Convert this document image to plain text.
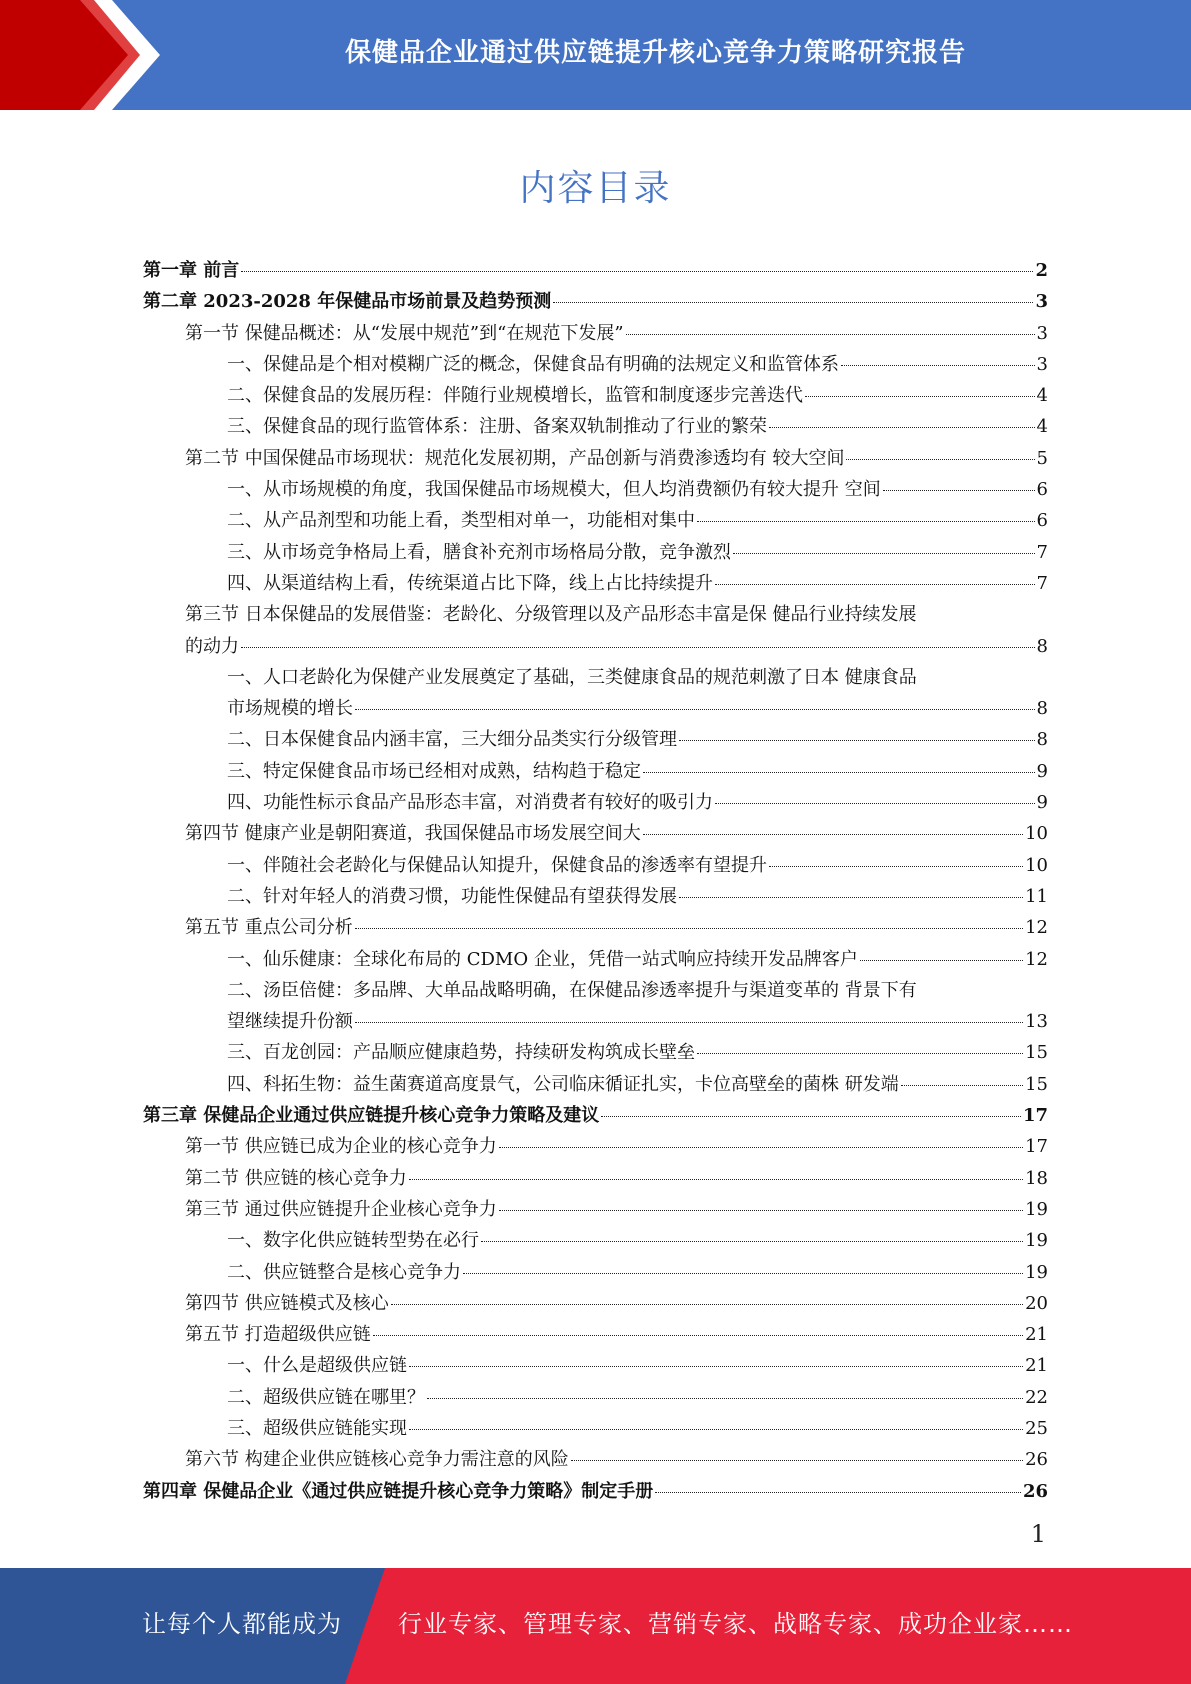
保健品企业通过供应链提升核心竞争力策略研究报告
内容目录
第一章 前言	2
第二章 2023-2028 年保健品市场前景及趋势预测	3
第一节 保健品概述：从“发展中规范”到“在规范下发展”	3
一、保健品是个相对模糊广泛的概念，保健食品有明确的法规定义和监管体系	3
二、保健食品的发展历程：伴随行业规模增长，监管和制度逐步完善迭代	4
三、保健食品的现行监管体系：注册、备案双轨制推动了行业的繁荣	4
第二节 中国保健品市场现状：规范化发展初期，产品创新与消费渗透均有 较大空间	5
一、从市场规模的角度，我国保健品市场规模大，但人均消费额仍有较大提升 空间	6
二、从产品剂型和功能上看，类型相对单一，功能相对集中	6
三、从市场竞争格局上看，膳食补充剂市场格局分散，竞争激烈	7
四、从渠道结构上看，传统渠道占比下降，线上占比持续提升	7
第三节 日本保健品的发展借鉴：老龄化、分级管理以及产品形态丰富是保 健品行业持续发展
的动力	8
一、人口老龄化为保健产业发展奠定了基础，三类健康食品的规范刺激了日本 健康食品
市场规模的增长	8
二、日本保健食品内涵丰富，三大细分品类实行分级管理	8
三、特定保健食品市场已经相对成熟，结构趋于稳定	9
四、功能性标示食品产品形态丰富，对消费者有较好的吸引力	9
第四节 健康产业是朝阳赛道，我国保健品市场发展空间大	10
一、伴随社会老龄化与保健品认知提升，保健食品的渗透率有望提升	10
二、针对年轻人的消费习惯，功能性保健品有望获得发展	11
第五节 重点公司分析	12
一、仙乐健康：全球化布局的 CDMO 企业，凭借一站式响应持续开发品牌客户	12
二、汤臣倍健：多品牌、大单品战略明确，在保健品渗透率提升与渠道变革的 背景下有
望继续提升份额	13
三、百龙创园：产品顺应健康趋势，持续研发构筑成长壁垒	15
四、科拓生物：益生菌赛道高度景气，公司临床循证扎实，卡位高壁垒的菌株 研发端	15
第三章 保健品企业通过供应链提升核心竞争力策略及建议	17
第一节 供应链已成为企业的核心竞争力	17
第二节 供应链的核心竞争力	18
第三节 通过供应链提升企业核心竞争力	19
一、数字化供应链转型势在必行	19
二、供应链整合是核心竞争力	19
第四节 供应链模式及核心	20
第五节 打造超级供应链	21
一、什么是超级供应链	21
二、超级供应链在哪里？	22
三、超级供应链能实现	25
第六节 构建企业供应链核心竞争力需注意的风险	26
第四章 保健品企业《通过供应链提升核心竞争力策略》制定手册	26
1
让每个人都能成为 行业专家、管理专家、营销专家、战略专家、成功企业家……
